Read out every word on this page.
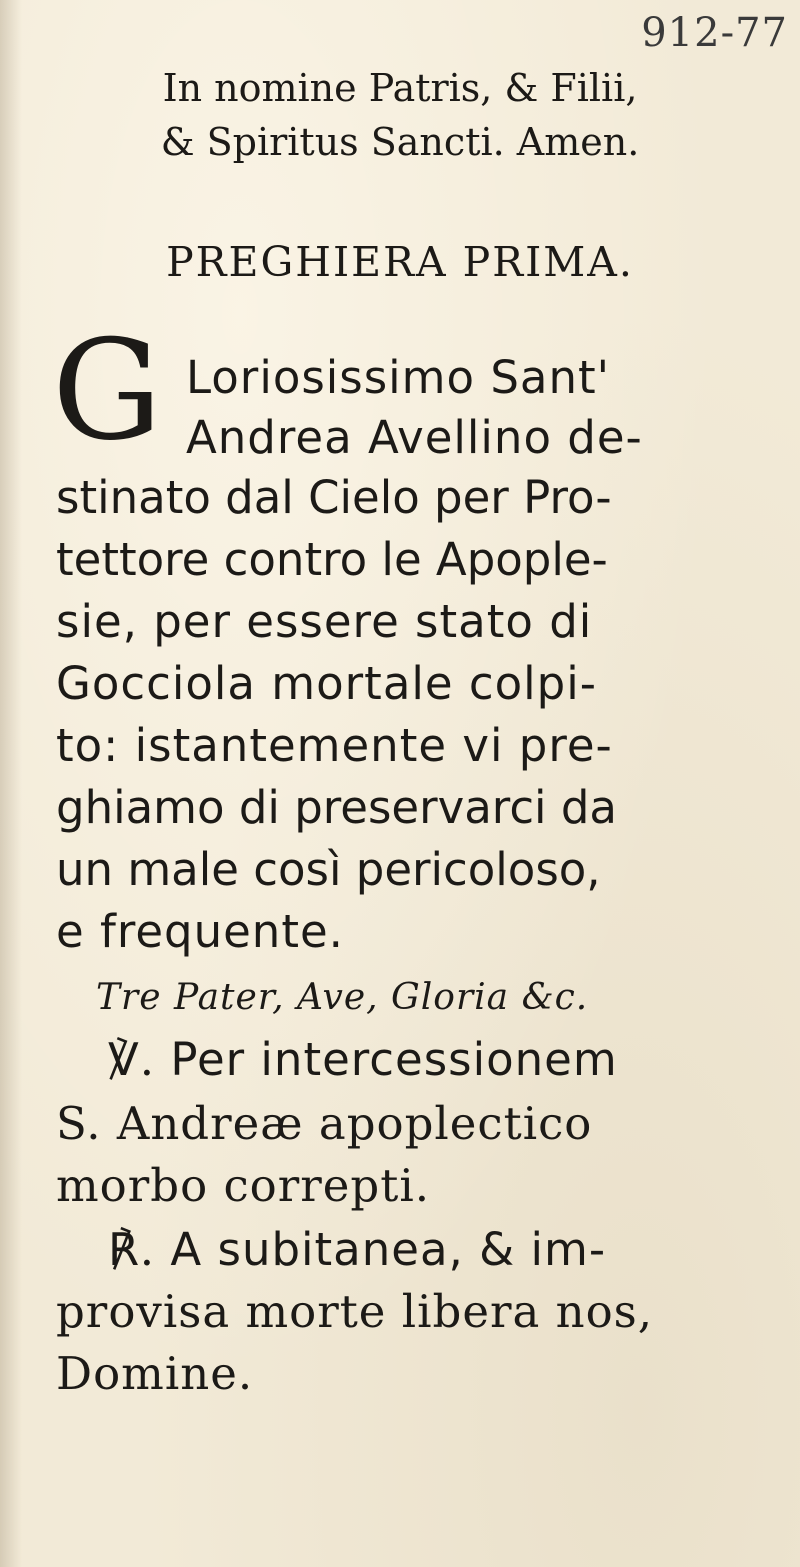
912-77
In nomine Patris, & Filii,
& Spiritus Sancti. Amen.
PREGHIERA PRIMA.
G Loriosissimo Sant'
Andrea Avellino de-
stinato dal Cielo per Pro-
tettore contro le Apople-
sie, per essere stato di
Gocciola mortale colpi-
to: istantemente vi pre-
ghiamo di preservarci da
un male così pericoloso,
e frequente.
Tre Pater, Ave, Gloria &c.
℣. Per intercessionem
S. Andreæ apoplectico
morbo correpti.
℟. A subitanea, & im-
provisa morte libera nos,
Domine.
